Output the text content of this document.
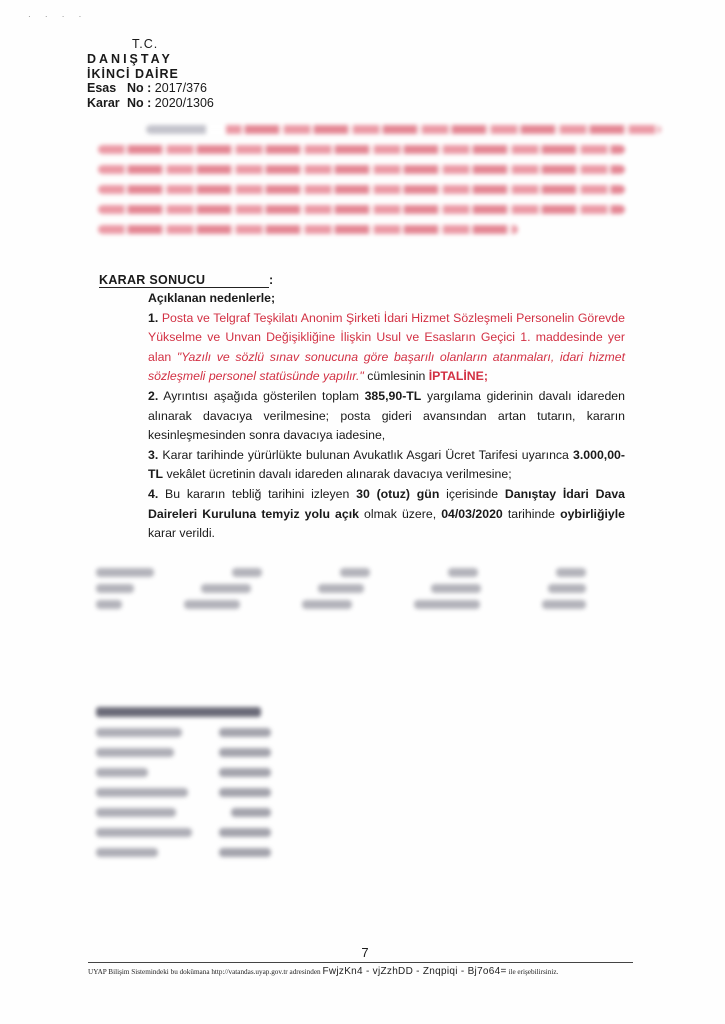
· · · ·
T.C.
DANIŞTAY
İKİNCİ DAİRE
Esas No : 2017/376
Karar No : 2020/1306
KARAR SONUCU	:

Açıklanan nedenlerle;

1. Posta ve Telgraf Teşkilatı Anonim Şirketi İdari Hizmet Sözleşmeli Personelin Görevde Yükselme ve Unvan Değişikliğine İlişkin Usul ve Esasların Geçici 1. maddesinde yer alan "Yazılı ve sözlü sınav sonucuna göre başarılı olanların atanmaları, idari hizmet sözleşmeli personel statüsünde yapılır." cümlesinin İPTALİNE;

2. Ayrıntısı aşağıda gösterilen toplam 385,90-TL yargılama giderinin davalı idareden alınarak davacıya verilmesine; posta gideri avansından artan tutarın, kararın kesinleşmesinden sonra davacıya iadesine,

3. Karar tarihinde yürürlükte bulunan Avukatlık Asgari Ücret Tarifesi uyarınca 3.000,00-TL vekâlet ücretinin davalı idareden alınarak davacıya verilmesine;

4. Bu kararın tebliğ tarihini izleyen 30 (otuz) gün içerisinde Danıştay İdari Dava Daireleri Kuruluna temyiz yolu açık olmak üzere, 04/03/2020 tarihinde oybirliğiyle karar verildi.

7
UYAP Bilişim Sistemindeki bu dokümana http://vatandas.uyap.gov.tr adresinden FwjzKn4 - vjZzhDD - Znqpiqi - Bj7o64= ile erişebilirsiniz.
